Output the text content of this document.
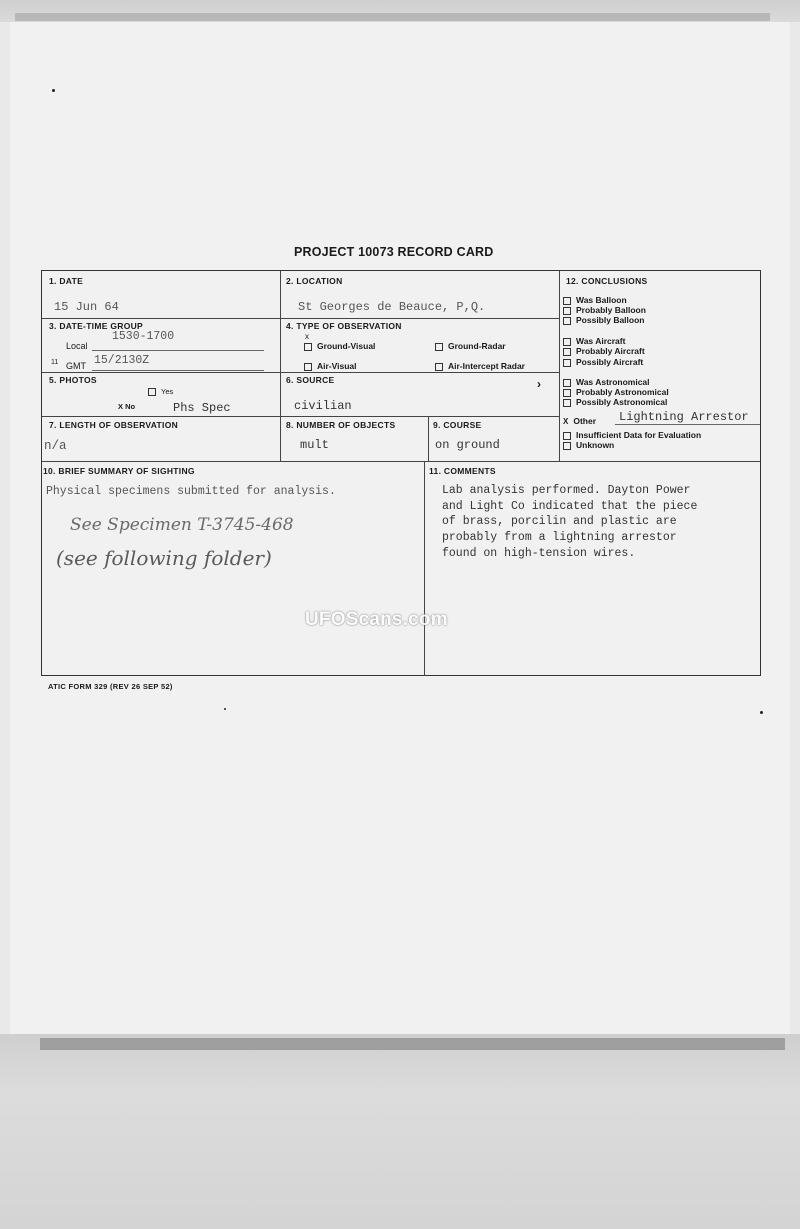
PROJECT 10073 RECORD CARD
1. DATE
15 Jun 64
2. LOCATION
St Georges de Beauce, P,Q.
3. DATE-TIME GROUP
Local
1530-1700
11 GMT 15/2130Z
4. TYPE OF OBSERVATION
x
Ground-Visual	Ground-Radar
Air-Visual	Air-Intercept Radar
5. PHOTOS
Yes
X No	Phs Spec
6. SOURCE	›
civilian
7. LENGTH OF OBSERVATION
n/a
8. NUMBER OF OBJECTS
mult
9. COURSE
on ground
12. CONCLUSIONS
Was Balloon
Probably Balloon
Possibly Balloon
Was Aircraft
Probably Aircraft
Possibly Aircraft
Was Astronomical
Probably Astronomical
Possibly Astronomical
X Other Lightning Arrestor
Insufficient Data for Evaluation
Unknown
10. BRIEF SUMMARY OF SIGHTING
Physical specimens submitted for analysis.
See Specimen T-3745-468
(see following folder)
11. COMMENTS
Lab analysis performed. Dayton Power
and Light Co indicated that the piece
of brass, porcilin and plastic are
probably from a lightning arrestor
found on high-tension wires.
UFOScans.com
ATIC FORM 329 (REV 26 SEP 52)
